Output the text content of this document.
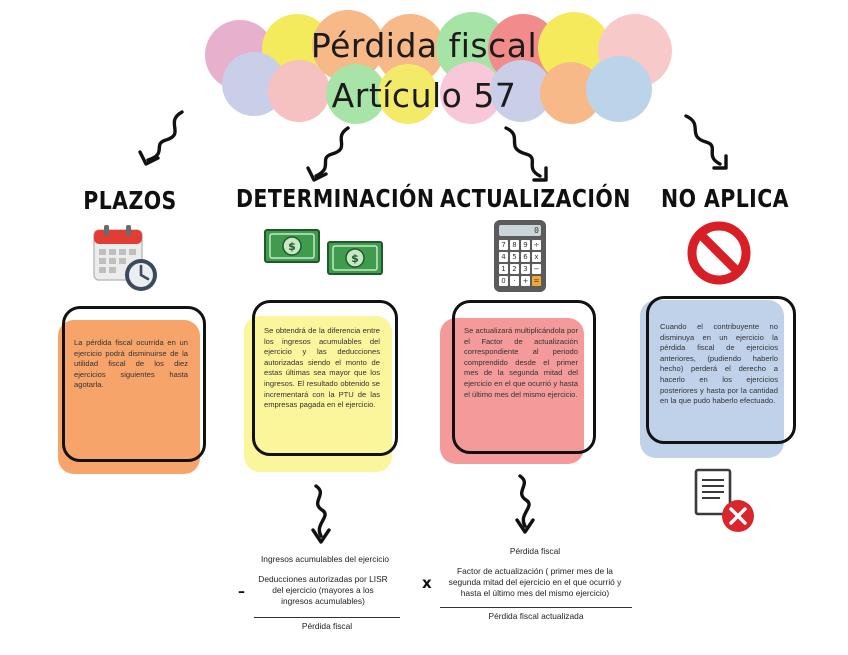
Pérdida fiscal
Artículo 57
PLAZOS	DETERMINACIÓN ACTUALIZACIÓN NO APLICA
$
$
0
7 8 9 ÷
4 5 6 x
1 2 3 −
0	· + =
La pérdida fiscal ocurrida en un ejercicio podrá disminuirse de la utilidad fiscal de los diez ejercicios siguientes hasta agotarla.
Se obtendrá de la diferencia entre los ingresos acumulables del ejercicio y las deducciones autorizadas siendo el monto de estas últimas sea mayor que los ingresos. El resultado obtenido se incrementará con la PTU de las empresas pagada en el ejercicio.
Se actualizará multiplicándola por el Factor de actualización correspondiente al periodo comprendido desde el primer mes de la segunda mitad del ejercicio en el que ocurrió y hasta el último mes del mismo ejercicio.
Cuando el contribuyente no disminuya en un ejercicio la pérdida fiscal de ejercicios anteriores, (pudiendo haberlo hecho) perderá el derecho a hacerlo en los ejercicios posteriores y hasta por la cantidad en la que pudo haberlo efectuado.
Ingresos acumulables del ejercicio
–
Deducciones autorizadas por LISR del ejercicio (mayores a los ingresos acumulables)
Pérdida fiscal
Pérdida fiscal
x
Factor de actualización ( primer mes de la segunda mitad del ejercicio en el que ocurrió y hasta el último mes del mismo ejercicio)
Pérdida fiscal actualizada
